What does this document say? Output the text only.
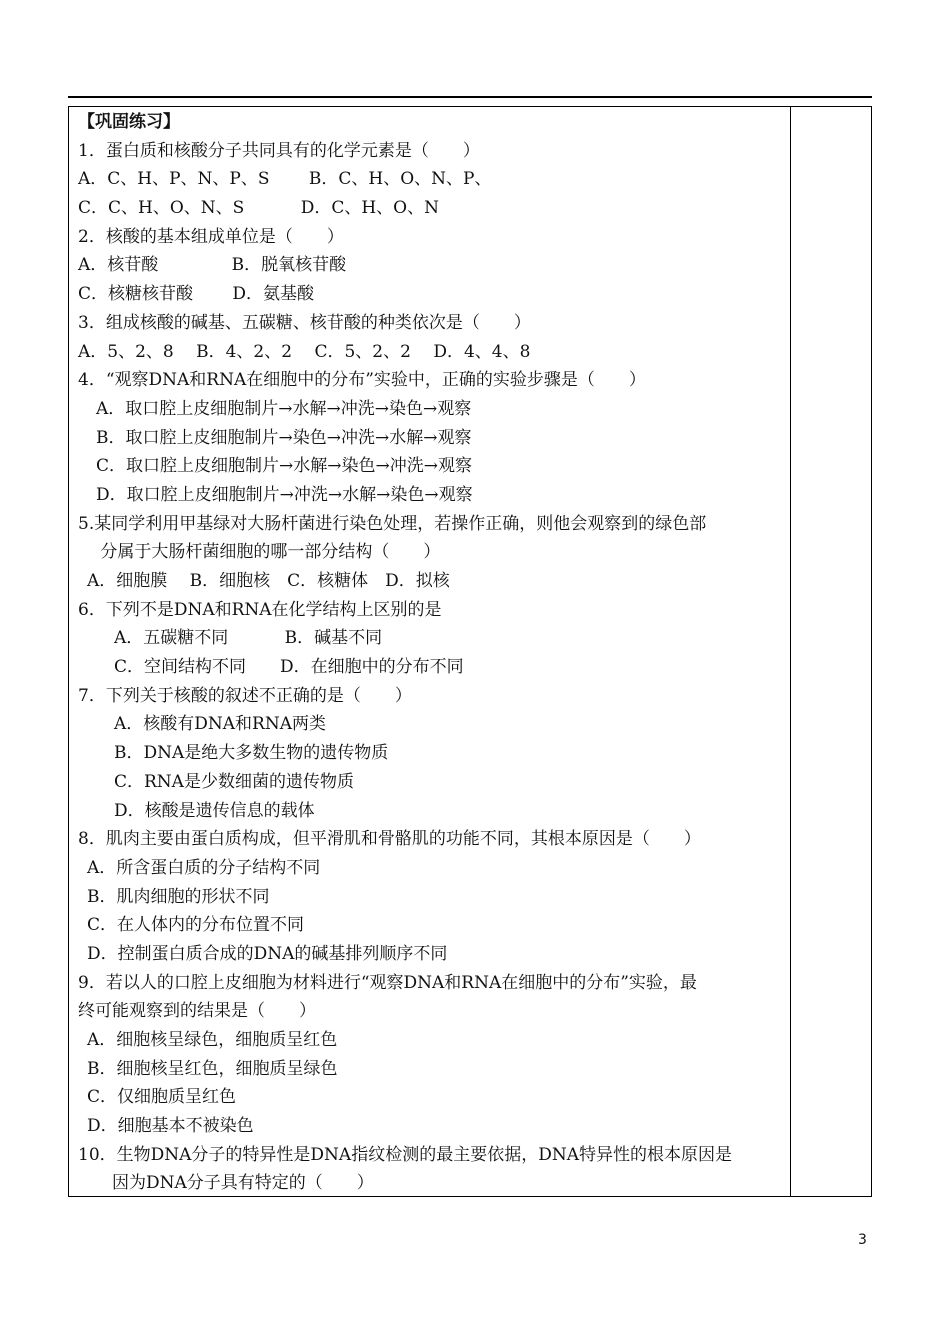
【巩固练习】
1．蛋白质和核酸分子共同具有的化学元素是（　　）
A．C、H、P、N、P、S　　 B．C、H、O、N、P、
C．C、H、O、N、S　　　 D．C、H、O、N
2．核酸的基本组成单位是（　　）
A．核苷酸　　　　 B．脱氧核苷酸
C．核糖核苷酸　　 D．氨基酸
3．组成核酸的碱基、五碳糖、核苷酸的种类依次是（　　）
A．5、2、8　 B．4、2、2　 C．5、2、2　 D．4、4、8
4．“观察DNA和RNA在细胞中的分布”实验中，正确的实验步骤是（　　）
A．取口腔上皮细胞制片→水解→冲洗→染色→观察
B．取口腔上皮细胞制片→染色→冲洗→水解→观察
C．取口腔上皮细胞制片→水解→染色→冲洗→观察
D．取口腔上皮细胞制片→冲洗→水解→染色→观察
5.某同学利用甲基绿对大肠杆菌进行染色处理，若操作正确，则他会观察到的绿色部
　 分属于大肠杆菌细胞的哪一部分结构（　　）
A．细胞膜　 B．细胞核　C．核糖体　D．拟核
6．下列不是DNA和RNA在化学结构上区别的是
A．五碳糖不同　　　 B．碱基不同
C．空间结构不同　　D．在细胞中的分布不同
7．下列关于核酸的叙述不正确的是（　　）
A．核酸有DNA和RNA两类
B．DNA是绝大多数生物的遗传物质
C．RNA是少数细菌的遗传物质
D．核酸是遗传信息的载体
8．肌肉主要由蛋白质构成，但平滑肌和骨骼肌的功能不同，其根本原因是（　　）
A．所含蛋白质的分子结构不同
B．肌肉细胞的形状不同
C．在人体内的分布位置不同
D．控制蛋白质合成的DNA的碱基排列顺序不同
9．若以人的口腔上皮细胞为材料进行“观察DNA和RNA在细胞中的分布”实验，最
终可能观察到的结果是（　　）
A．细胞核呈绿色，细胞质呈红色
B．细胞核呈红色，细胞质呈绿色
C．仅细胞质呈红色
D．细胞基本不被染色
10．生物DNA分子的特异性是DNA指纹检测的最主要依据，DNA特异性的根本原因是
　　因为DNA分子具有特定的（　　）
3
